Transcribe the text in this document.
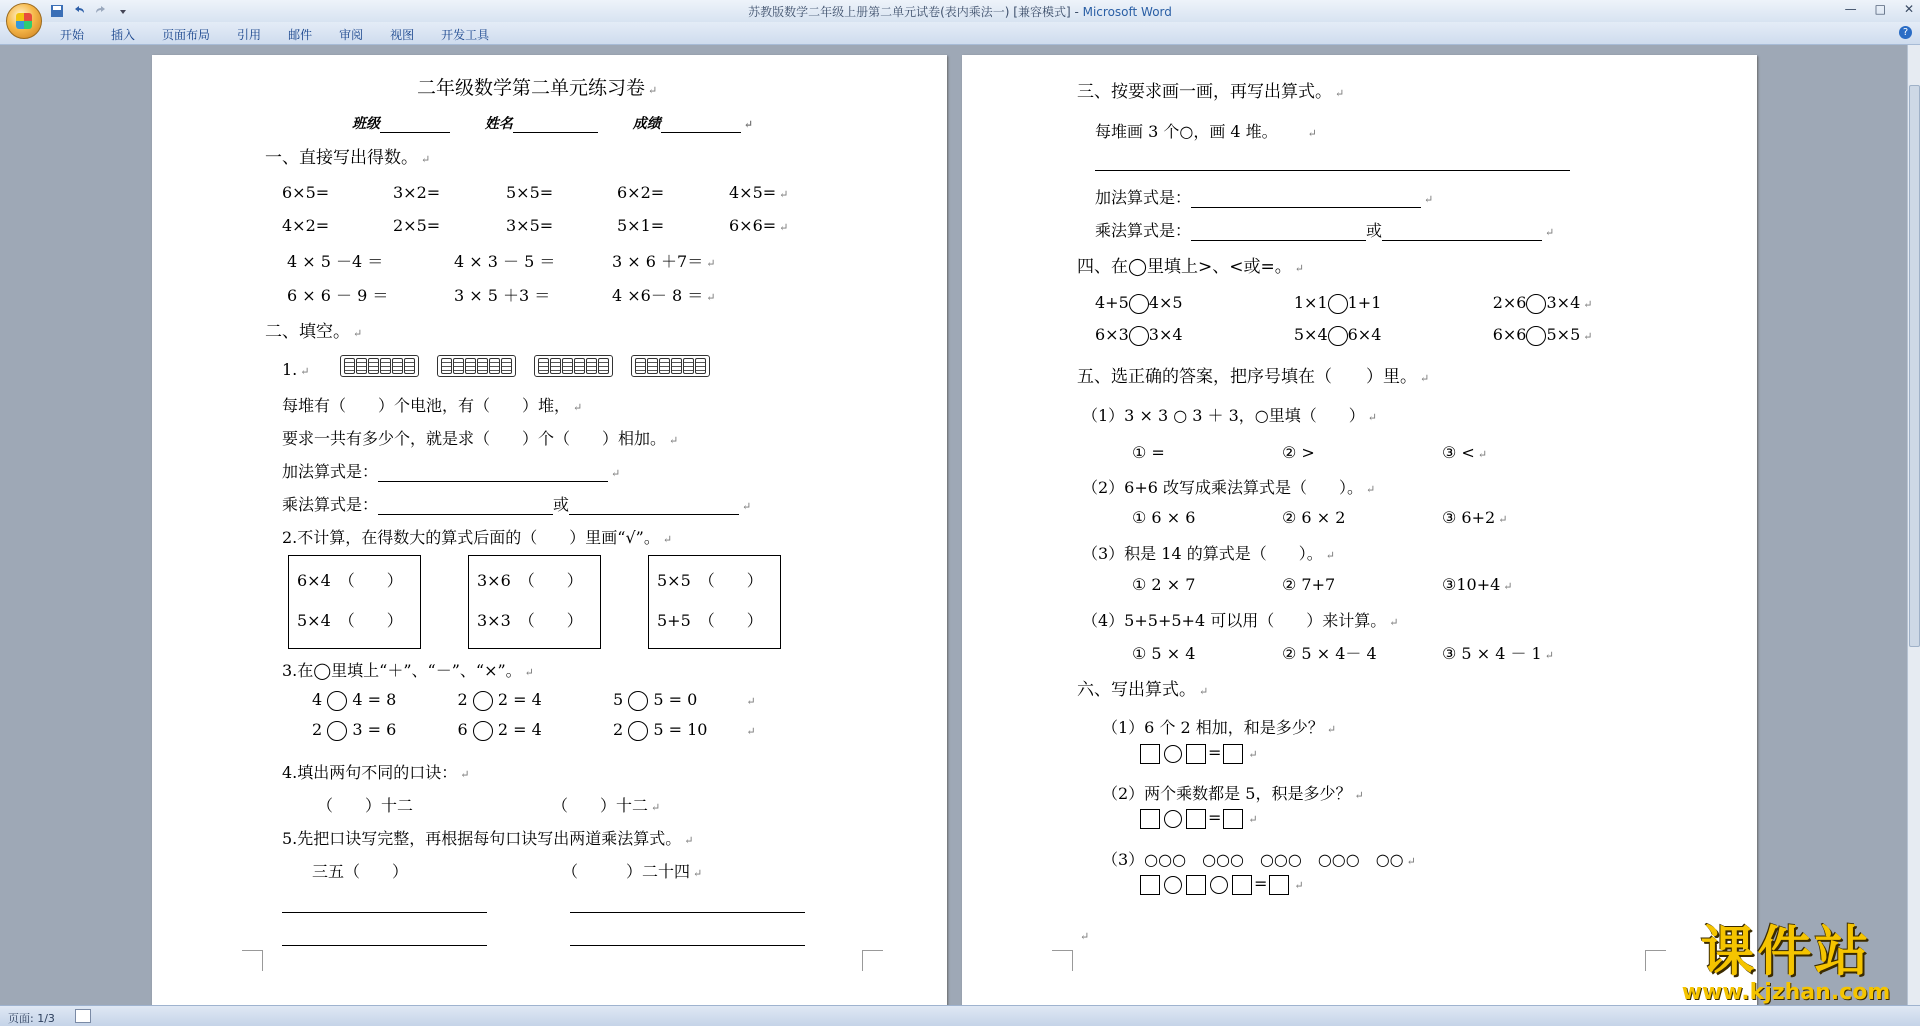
苏教版数学二年级上册第二单元试卷(表内乘法一) [兼容模式] - Microsoft Word	— □ ✕
开始 插入 页面布局 引用 邮件 审阅 视图 开发工具	?
二年级数学第二单元练习卷 ↵
班级	姓名	成绩	↵
一、直接写出得数。 ↵
6×5=	3×2=	5×5=	6×2=	4×5= ↵
4×2=	2×5=	3×5=	5×1=	6×6= ↵
4 × 5 －4 ＝	4 × 3 － 5 ＝	3 × 6 ＋7＝ ↵
6 × 6 － 9 ＝	3 × 5 ＋3 ＝	4 ×6－ 8 ＝ ↵
二、填空。 ↵
1. ↵
每堆有（　　）个电池，有（　　）堆， ↵
要求一共有多少个，就是求（　　）个（　　）相加。 ↵
加法算式是：	↵
乘法算式是：	或	↵
2.不计算，在得数大的算式后面的（　　）里画“√”。 ↵
6×4　（　　）
5×4　（　　）
3×6　（　　）
3×3　（　　）
5×5　（　　）
5+5　（　　）
3.在◯里填上“＋”、“－”、“×”。 ↵
4 4 = 8	2 2 = 4	5 5 = 0	↵
2 3 = 6	6 2 = 4	2 5 = 10	↵
4.填出两句不同的口诀： ↵
（　　）十二	（　　）十二 ↵
5.先把口诀写完整，再根据每句口诀写出两道乘法算式。 ↵
三五（　　）	（　　　）二十四 ↵
三、按要求画一画，再写出算式。 ↵
每堆画 3 个○，画 4 堆。	↵
加法算式是：	↵
乘法算式是：	或	↵
四、在◯里填上>、<或=。 ↵
4+5 4×5	1×1 1+1	2×6 3×4 ↵
6×3 3×4	5×4 6×4	6×6 5×5 ↵
五、选正确的答案，把序号填在（　　）里。 ↵
（1）3 × 3 ○ 3 ＋ 3，○里填（　　） ↵
① =	② >	③ < ↵
（2）6+6 改写成乘法算式是（　　）。 ↵
① 6 × 6	② 6 × 2	③ 6+2 ↵
（3）积是 14 的算式是（　　）。 ↵
① 2 × 7	② 7+7	③10+4 ↵
（4）5+5+5+4 可以用（　　）来计算。 ↵
① 5 × 4	② 5 × 4－ 4	③ 5 × 4 － 1 ↵
六、写出算式。 ↵
（1）6 个 2 相加，和是多少？ ↵
= ↵
（2）两个乘数都是 5，积是多少？ ↵
= ↵
（3）○○○　○○○　○○○　○○○　○○ ↵
= ↵
↵	课件站
www.kjzhan.com
页面: 1/3
